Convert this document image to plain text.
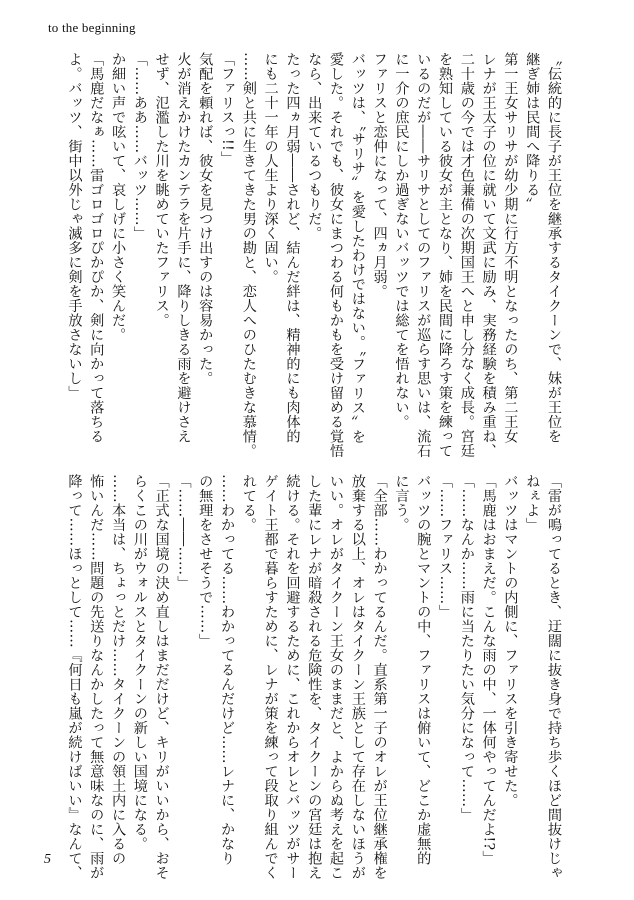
to the beginning

〝伝統的に長子が王位を継承するタイクーンで、妹が王位を

継ぎ姉は民間へ降りる〟

第一王女サリサが幼少期に行方不明となったのち、第二王女

レナが王太子の位に就いて文武に励み、実務経験を積み重ね、

二十歳の今では才色兼備の次期国王へと申し分なく成長。宮廷

を熟知している彼女が主となり、姉を民間に降ろす策を練って

いるのだが――サリサとしてのファリスが巡らす思いは、流石

に一介の庶民にしか過ぎないバッツでは総てを悟れない。

ファリスと恋仲になって、四ヵ月弱。

バッツは、〝サリサ〟を愛したわけではない。〝ファリス〟を

愛した。それでも、彼女にまつわる何もかもを受け留める覚悟

なら、出来ているつもりだ。

たった四ヵ月弱――されど、結んだ絆は、精神的にも肉体的

にも二十一年の人生より深く固い。

……剣と共に生きてきた男の勘と、恋人へのひたむきな慕情。

「ファリスっ!!」

気配を頼れば、彼女を見つけ出すのは容易かった。

火が消えかけたカンテラを片手に、降りしきる雨を避けさえ

せず、氾濫した川を眺めていたファリス。

「……ああ……バッツ……」

か細い声で呟いて、哀しげに小さく笑んだ。

「馬鹿だなぁ……雷ゴロゴロぴかぴか、剣に向かって落ちる

よ。バッツ、街中以外じゃ滅多に剣を手放さないし」

「雷が鳴ってるとき、迂闊に抜き身で持ち歩くほど間抜けじゃ

ねぇよ」

バッツはマントの内側に、ファリスを引き寄せた。

「馬鹿はおまえだ。こんな雨の中、一体何やってんだよ!?」

「……なんか……雨に当たりたい気分になって……」

「……ファリス……」

バッツの腕とマントの中、ファリスは俯いて、どこか虚無的

に言う。

「全部……わかってるんだ。直系第一子のオレが王位継承権を

放棄する以上、オレはタイクーン王族として存在しないほうが

いい。オレがタイクーン王女のままだと、よからぬ考えを起こ

した輩にレナが暗殺される危険性を、タイクーンの宮廷は抱え

続ける。それを回避するために、これからオレとバッツがサー

ゲイト王都で暮らすために、レナが策を練って段取り組んでく

れてる。

……わかってる……わかってるんだけど……レナに、かなり

の無理をさせそうで……」

「……――……」

「正式な国境の決め直しはまだだけど、キリがいいから、おそ

らくこの川がウォルスとタイクーンの新しい国境になる。

……本当は、ちょっとだけ……タイクーンの領土内に入るの

怖いんだ……問題の先送りなんかしたって無意味なのに、雨が

降って……ほっとして……『何日も嵐が続けばいい』なんて、

5
